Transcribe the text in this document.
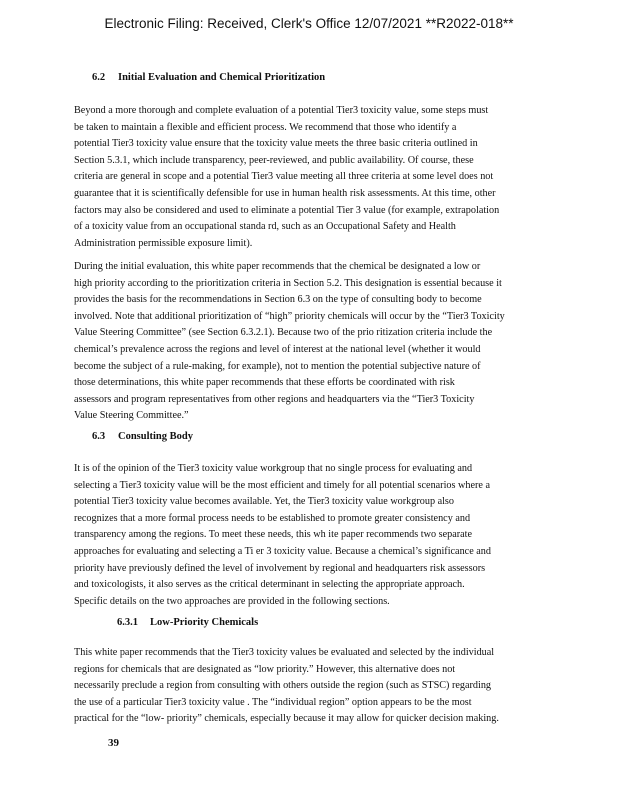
Electronic Filing: Received, Clerk's Office 12/07/2021 **R2022-018**
6.2 Initial Evaluation and Chemical Prioritization
Beyond a more thorough and complete evaluation of a potential Tier3 toxicity value, some steps must
be taken to maintain a flexible and efficient process. We recommend that those who identify a
potential Tier3 toxicity value ensure that the toxicity value meets the three basic criteria outlined in
Section 5.3.1, which include transparency, peer-reviewed, and public availability. Of course, these
criteria are general in scope and a potential Tier3 value meeting all three criteria at some level does not
guarantee that it is scientifically defensible for use in human health risk assessments. At this time, other
factors may also be considered and used to eliminate a potential Tier 3 value (for example, extrapolation
of a toxicity value from an occupational standa rd, such as an Occupational Safety and Health
Administration permissible exposure limit).
During the initial evaluation, this white paper recommends that the chemical be designated a low or
high priority according to the prioritization criteria in Section 5.2. This designation is essential because it
provides the basis for the recommendations in Section 6.3 on the type of consulting body to become
involved. Note that additional prioritization of “high” priority chemicals will occur by the “Tier3 Toxicity
Value Steering Committee” (see Section 6.3.2.1). Because two of the prio ritization criteria include the
chemical’s prevalence across the regions and level of interest at the national level (whether it would
become the subject of a rule-making, for example), not to mention the potential subjective nature of
those determinations, this white paper recommends that these efforts be coordinated with risk
assessors and program representatives from other regions and headquarters via the “Tier3 Toxicity
Value Steering Committee.”
6.3 Consulting Body
It is of the opinion of the Tier3 toxicity value workgroup that no single process for evaluating and
selecting a Tier3 toxicity value will be the most efficient and timely for all potential scenarios where a
potential Tier3 toxicity value becomes available. Yet, the Tier3 toxicity value workgroup also
recognizes that a more formal process needs to be established to promote greater consistency and
transparency among the regions. To meet these needs, this wh ite paper recommends two separate
approaches for evaluating and selecting a Ti er 3 toxicity value. Because a chemical’s significance and
priority have previously defined the level of involvement by regional and headquarters risk assessors
and toxicologists, it also serves as the critical determinant in selecting the appropriate approach.
Specific details on the two approaches are provided in the following sections.
6.3.1 Low-Priority Chemicals
This white paper recommends that the Tier3 toxicity values be evaluated and selected by the individual
regions for chemicals that are designated as “low priority.” However, this alternative does not
necessarily preclude a region from consulting with others outside the region (such as STSC) regarding
the use of a particular Tier3 toxicity value . The “individual region” option appears to be the most
practical for the “low- priority” chemicals, especially because it may allow for quicker decision making.
39
